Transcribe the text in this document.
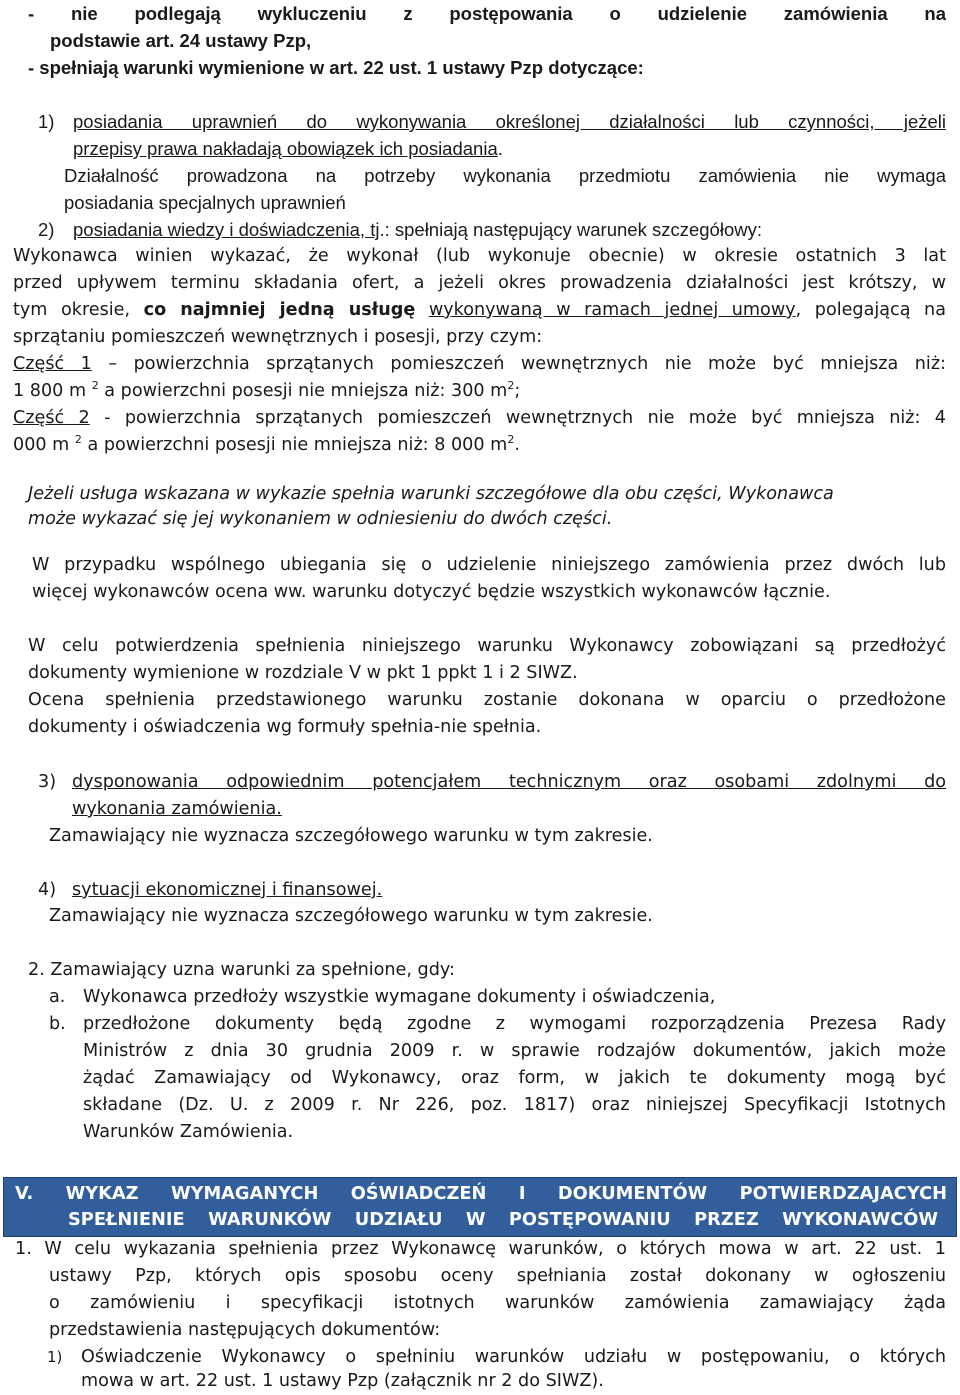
- nie podlegają wykluczeniu z postępowania o udzielenie zamówienia na
podstawie art. 24 ustawy Pzp,
- spełniają warunki wymienione w art. 22 ust. 1 ustawy Pzp dotyczące:
1) posiadania uprawnień do wykonywania określonej działalności lub czynności, jeżeli
przepisy prawa nakładają obowiązek ich posiadania.
Działalność prowadzona na potrzeby wykonania przedmiotu zamówienia nie wymaga
posiadania specjalnych uprawnień
2) posiadania wiedzy i doświadczenia, tj.: spełniają następujący warunek szczegółowy:
Wykonawca winien wykazać, że wykonał (lub wykonuje obecnie) w okresie ostatnich 3 lat
przed upływem terminu składania ofert, a jeżeli okres prowadzenia działalności jest krótszy, w
tym okresie, co najmniej jedną usługę wykonywaną w ramach jednej umowy, polegającą na
sprzątaniu pomieszczeń wewnętrznych i posesji, przy czym:
Część 1 – powierzchnia sprzątanych pomieszczeń wewnętrznych nie może być mniejsza niż:
1 800 m $^2$ a powierzchni posesji nie mniejsza niż: 300 $m^2$;
Część 2 - powierzchnia sprzątanych pomieszczeń wewnętrznych nie może być mniejsza niż: 4
000 m $^2$ a powierzchni posesji nie mniejsza niż: 8 000 $m^2$.
Jeżeli usługa wskazana w wykazie spełnia warunki szczegółowe dla obu części, Wykonawca
może wykazać się jej wykonaniem w odniesieniu do dwóch części.
W przypadku wspólnego ubiegania się o udzielenie niniejszego zamówienia przez dwóch lub
więcej wykonawców ocena ww. warunku dotyczyć będzie wszystkich wykonawców łącznie.
W celu potwierdzenia spełnienia niniejszego warunku Wykonawcy zobowiązani są przedłożyć
dokumenty wymienione w rozdziale V w pkt 1 ppkt 1 i 2 SIWZ.
Ocena spełnienia przedstawionego warunku zostanie dokonana w oparciu o przedłożone
dokumenty i oświadczenia wg formuły spełnia-nie spełnia.
3) dysponowania odpowiednim potencjałem technicznym oraz osobami zdolnymi do
wykonania zamówienia.
Zamawiający nie wyznacza szczegółowego warunku w tym zakresie.
4) sytuacji ekonomicznej i finansowej.
Zamawiający nie wyznacza szczegółowego warunku w tym zakresie.
2. Zamawiający uzna warunki za spełnione, gdy:
a. Wykonawca przedłoży wszystkie wymagane dokumenty i oświadczenia,
b. przedłożone dokumenty będą zgodne z wymogami rozporządzenia Prezesa Rady
Ministrów z dnia 30 grudnia 2009 r. w sprawie rodzajów dokumentów, jakich może
żądać Zamawiający od Wykonawcy, oraz form, w jakich te dokumenty mogą być
składane (Dz. U. z 2009 r. Nr 226, poz. 1817) oraz niniejszej Specyfikacji Istotnych
Warunków Zamówienia.
V. WYKAZ WYMAGANYCH OŚWIADCZEŃ I DOKUMENTÓW POTWIERDZAJACYCH
SPEŁNIENIE WARUNKÓW UDZIAŁU W POSTĘPOWANIU PRZEZ WYKONAWCÓW
1. W celu wykazania spełnienia przez Wykonawcę warunków, o których mowa w art. 22 ust. 1
ustawy Pzp, których opis sposobu oceny spełniania został dokonany w ogłoszeniu
o zamówieniu i specyfikacji istotnych warunków zamówienia zamawiający żąda
przedstawienia następujących dokumentów:
1) Oświadczenie Wykonawcy o spełniniu warunków udziału w postępowaniu, o których
mowa w art. 22 ust. 1 ustawy Pzp (załącznik nr 2 do SIWZ).
